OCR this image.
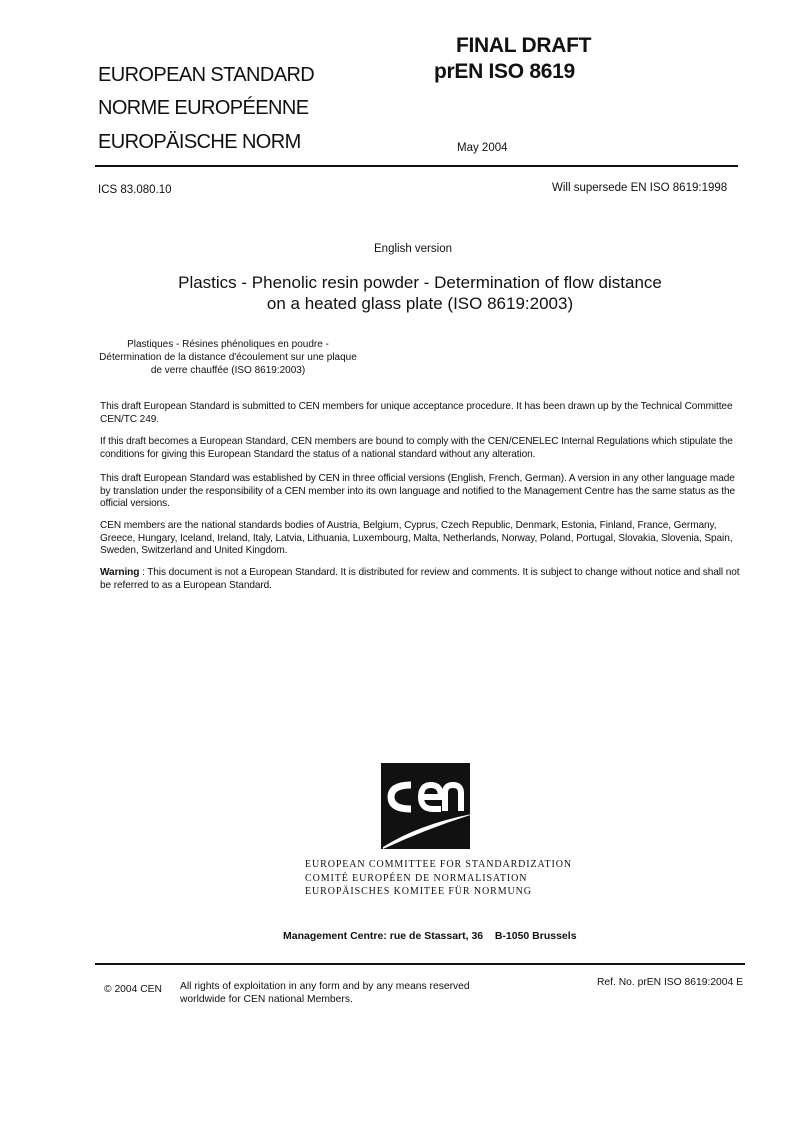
FINAL DRAFT
prEN ISO 8619
EUROPEAN STANDARD
NORME EUROPÉENNE
EUROPÄISCHE NORM	May 2004
ICS 83.080.10	Will supersede EN ISO 8619:1998
English version
Plastics - Phenolic resin powder - Determination of flow distance
on a heated glass plate (ISO 8619:2003)
Plastiques - Résines phénoliques en poudre -
Détermination de la distance d'écoulement sur une plaque
de verre chauffée (ISO 8619:2003)
This draft European Standard is submitted to CEN members for unique acceptance procedure. It has been drawn up by the Technical Committee CEN/TC 249.
If this draft becomes a European Standard, CEN members are bound to comply with the CEN/CENELEC Internal Regulations which stipulate the conditions for giving this European Standard the status of a national standard without any alteration.
This draft European Standard was established by CEN in three official versions (English, French, German). A version in any other language made by translation under the responsibility of a CEN member into its own language and notified to the Management Centre has the same status as the official versions.
CEN members are the national standards bodies of Austria, Belgium, Cyprus, Czech Republic, Denmark, Estonia, Finland, France, Germany, Greece, Hungary, Iceland, Ireland, Italy, Latvia, Lithuania, Luxembourg, Malta, Netherlands, Norway, Poland, Portugal, Slovakia, Slovenia, Spain, Sweden, Switzerland and United Kingdom.
Warning : This document is not a European Standard. It is distributed for review and comments. It is subject to change without notice and shall not be referred to as a European Standard.
EUROPEAN COMMITTEE FOR STANDARDIZATION
COMITÉ EUROPÉEN DE NORMALISATION
EUROPÄISCHES KOMITEE FÜR NORMUNG
Management Centre: rue de Stassart, 36    B-1050 Brussels
© 2004 CEN All rights of exploitation in any form and by any means reserved
worldwide for CEN national Members.
Ref. No. prEN ISO 8619:2004 E
